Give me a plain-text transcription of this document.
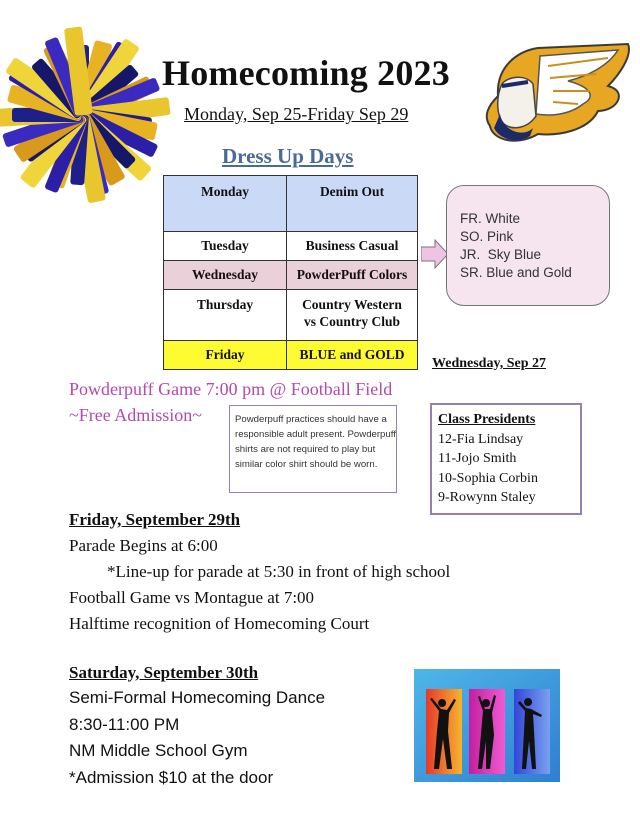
Homecoming 2023
Monday, Sep 25-Friday Sep 29
Dress Up Days
Monday	Denim Out
Tuesday	Business Casual
Wednesday	PowderPuff Colors
Thursday	Country Western
vs Country Club
Friday	BLUE and GOLD
FR. White
SO. Pink
JR.  Sky Blue
SR. Blue and Gold
Wednesday, Sep 27
Powderpuff Game 7:00 pm @ Football Field
~Free Admission~	Powderpuff practices should have a
responsible adult present. Powderpuff
shirts are not required to play but
similar color shirt should be worn.
Class Presidents
12-Fia Lindsay
11-Jojo Smith
10-Sophia Corbin
9-Rowynn Staley
Friday, September 29th
Parade Begins at 6:00
*Line-up for parade at 5:30 in front of high school
Football Game vs Montague at 7:00
Halftime recognition of Homecoming Court
Saturday, September 30th
Semi-Formal Homecoming Dance
8:30-11:00 PM
NM Middle School Gym
*Admission $10 at the door
